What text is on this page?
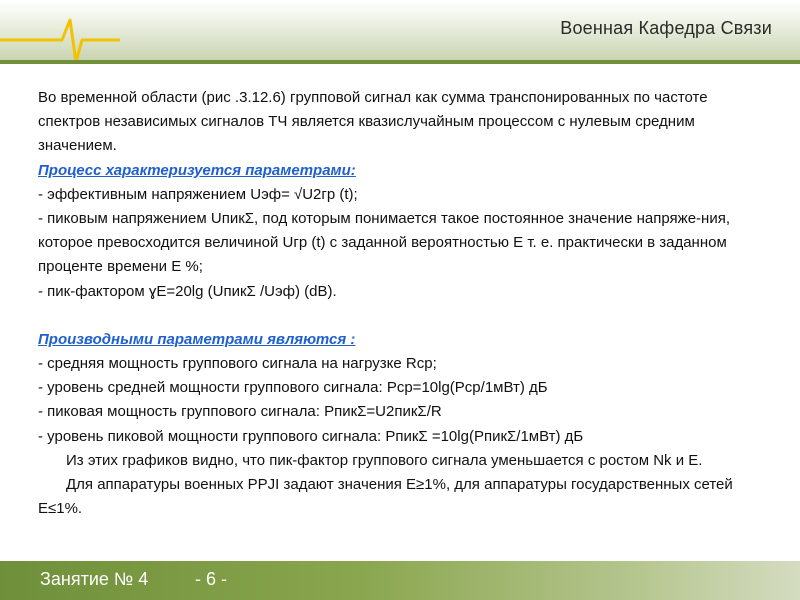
Военная Кафедра Связи

Во временной области (рис .3.12.6) групповой сигнал как сумма транспонированных по частоте спектров независимых сигналов ТЧ является квазислучайным процессом с нулевым средним значением.

Процесс характеризуется параметрами:

- эффективным напряжением Uэф= √U2гр (t);

- пиковым напряжением UпикΣ, под которым понимается такое постоянное значение напряже-ния, которое превосходится величиной Uгр (t) с заданной вероятностью Е т. е. практически в заданном проценте времени Е %;

- пик-фактором ɣЕ=20lg (UпикΣ /Uэф) (dB).

Производными параметрами являются :

- средняя мощность группового сигнала на нагрузке Rср;

- уровень средней мощности группового сигнала: Рср=10lg(Рср/1мВт) дБ

- пиковая мощность группового сигнала: РпикΣ=U2пикΣ/R

- уровень пиковой мощности группового сигнала: РпикΣ =10lg(РпикΣ/1мВт) дБ

Из этих графиков видно, что пик-фактор группового сигнала уменьшается с ростом Nk и Е.

Для аппаратуры военных PPJI задают значения Е≥1%, для аппаратуры государственных сетей Е≤1%.

Занятие № 4	- 6 -
